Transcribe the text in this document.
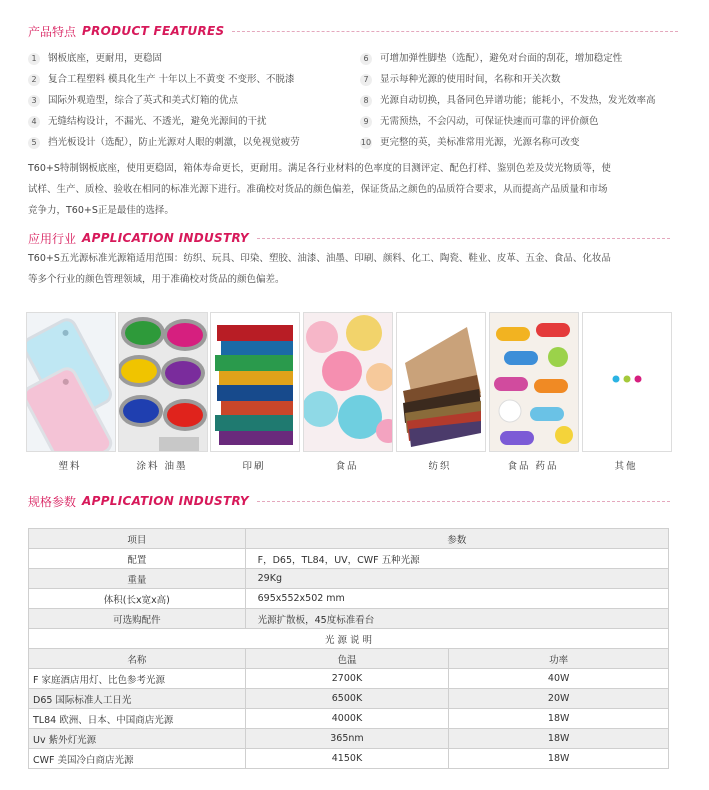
产品特点 PRODUCT FEATURES
1 钢板底座，更耐用，更稳固
2 复合工程塑料 模具化生产 十年以上不黄变 不变形、不脱漆
3 国际外观造型，综合了英式和美式灯箱的优点
4 无缝结构设计，不漏光、不透光，避免光源间的干扰
5 挡光板设计（选配），防止光源对人眼的刺激，以免视觉疲劳
6 可增加弹性脚垫（选配），避免对台面的刮花，增加稳定性
7 显示每种光源的使用时间，名称和开关次数
8 光源自动切换，具备同色异谱功能；能耗小，不发热，发光效率高
9 无需预热，不会闪动，可保证快速而可靠的评价颜色
10 更完整的英，美标准常用光源，光源名称可改变
T60+S特制钢板底座，使用更稳固，箱体寿命更长，更耐用。满足各行业材料的色率度的目测评定、配色打样、鉴别色差及荧光物质等，使
试样、生产、质检、验收在相同的标准光源下进行。准确校对货品的颜色偏差，保证货品之颜色的品质符合要求，从而提高产品质量和市场
竞争力，T60+S正是最佳的选择。
应用行业 APPLICATION INDUSTRY
T60+S五光源标准光源箱适用范围：纺织、玩具、印染、塑胶、油漆、油墨、印刷、颜料、化工、陶瓷、鞋业、皮革、五金、食品、化妆品
等多个行业的颜色管理领域，用于准确校对货品的颜色偏差。
塑料	涂料 油墨	印刷	食品	纺织	食品 药品	其他
规格参数 APPLICATION INDUSTRY
项目	参数	
配置	F，D65，TL84，UV，CWF 五种光源	
重量	29Kg	
体积(长x宽x高)	695x552x502 mm	
可选购配件	光源扩散板，45度标准看台	
光 源 说 明		
名称	色温	功率
F 家庭酒店用灯、比色参考光源	2700K	40W
D65 国际标准人工日光	6500K	20W
TL84 欧洲、日本、中国商店光源	4000K	18W
Uv 紫外灯光源	365nm	18W
CWF 美国冷白商店光源	4150K	18W
